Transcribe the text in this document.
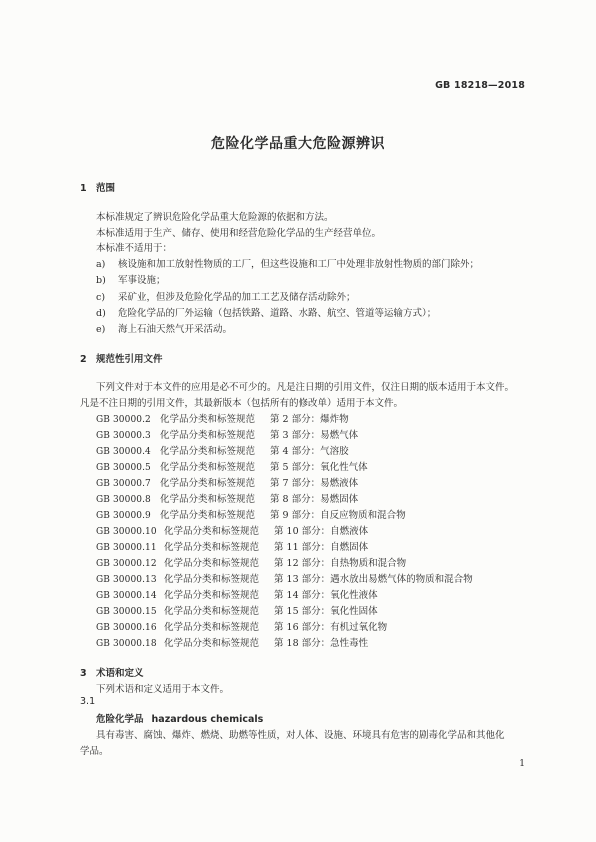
GB 18218—2018
危险化学品重大危险源辨识
1 范围
本标准规定了辨识危险化学品重大危险源的依据和方法。
本标准适用于生产、储存、使用和经营危险化学品的生产经营单位。
本标准不适用于：
a) 核设施和加工放射性物质的工厂，但这些设施和工厂中处理非放射性物质的部门除外；
b) 军事设施；
c) 采矿业，但涉及危险化学品的加工工艺及储存活动除外；
d) 危险化学品的厂外运输（包括铁路、道路、水路、航空、管道等运输方式）；
e) 海上石油天然气开采活动。
2 规范性引用文件
下列文件对于本文件的应用是必不可少的。凡是注日期的引用文件，仅注日期的版本适用于本文件。
凡是不注日期的引用文件，其最新版本（包括所有的修改单）适用于本文件。
GB 30000.2 化学品分类和标签规范 第 2 部分：爆炸物
GB 30000.3 化学品分类和标签规范 第 3 部分：易燃气体
GB 30000.4 化学品分类和标签规范 第 4 部分：气溶胶
GB 30000.5 化学品分类和标签规范 第 5 部分：氧化性气体
GB 30000.7 化学品分类和标签规范 第 7 部分：易燃液体
GB 30000.8 化学品分类和标签规范 第 8 部分：易燃固体
GB 30000.9 化学品分类和标签规范 第 9 部分：自反应物质和混合物
GB 30000.10 化学品分类和标签规范 第 10 部分：自燃液体
GB 30000.11 化学品分类和标签规范 第 11 部分：自燃固体
GB 30000.12 化学品分类和标签规范 第 12 部分：自热物质和混合物
GB 30000.13 化学品分类和标签规范 第 13 部分：遇水放出易燃气体的物质和混合物
GB 30000.14 化学品分类和标签规范 第 14 部分：氧化性液体
GB 30000.15 化学品分类和标签规范 第 15 部分：氧化性固体
GB 30000.16 化学品分类和标签规范 第 16 部分：有机过氧化物
GB 30000.18 化学品分类和标签规范 第 18 部分：急性毒性
3 术语和定义
下列术语和定义适用于本文件。
3.1
危险化学品 hazardous chemicals
具有毒害、腐蚀、爆炸、燃烧、助燃等性质，对人体、设施、环境具有危害的剧毒化学品和其他化
学品。
1
